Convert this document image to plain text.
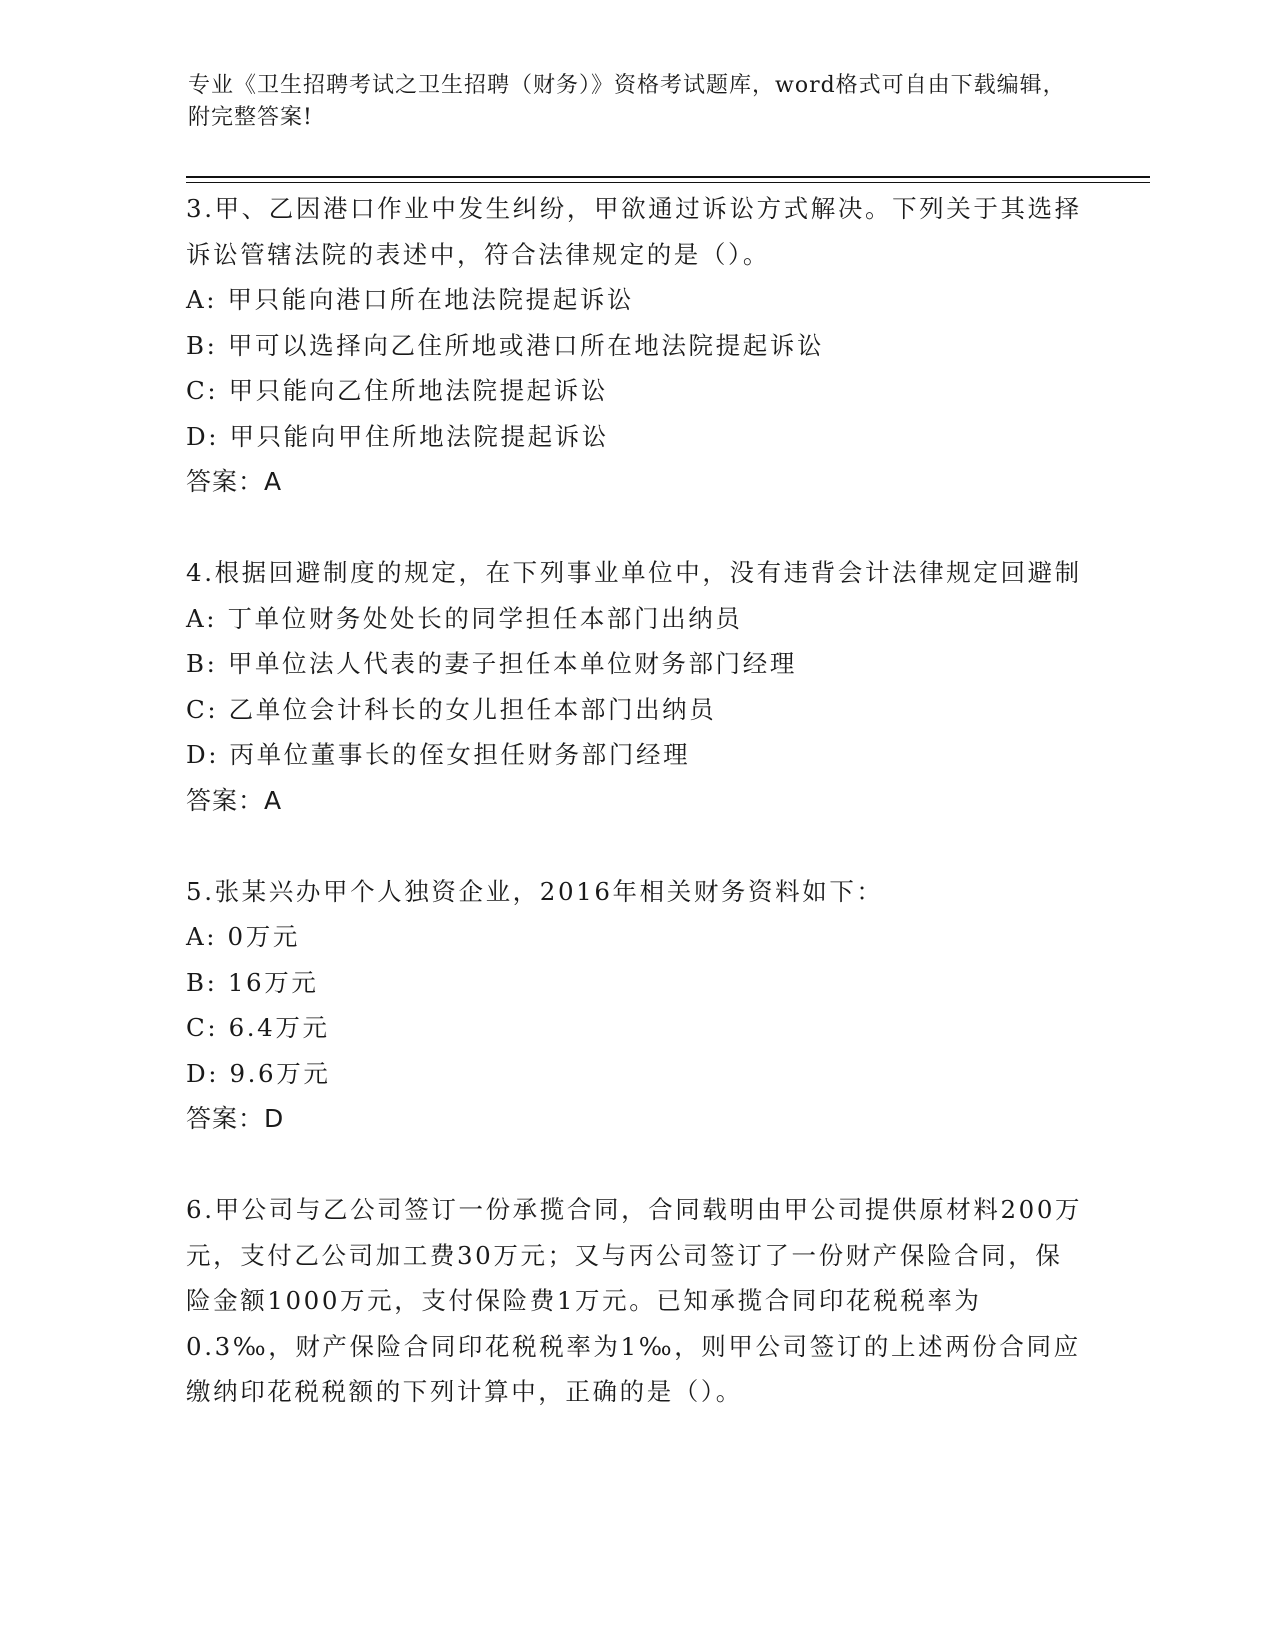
专业《卫生招聘考试之卫生招聘（财务）》资格考试题库，word格式可自由下载编辑，附完整答案!
3.甲、乙因港口作业中发生纠纷，甲欲通过诉讼方式解决。下列关于其选择诉讼管辖法院的表述中，符合法律规定的是（）。
A: 甲只能向港口所在地法院提起诉讼
B: 甲可以选择向乙住所地或港口所在地法院提起诉讼
C: 甲只能向乙住所地法院提起诉讼
D: 甲只能向甲住所地法院提起诉讼
答案：A
4.根据回避制度的规定，在下列事业单位中，没有违背会计法律规定回避制
A: 丁单位财务处处长的同学担任本部门出纳员
B: 甲单位法人代表的妻子担任本单位财务部门经理
C: 乙单位会计科长的女儿担任本部门出纳员
D: 丙单位董事长的侄女担任财务部门经理
答案：A
5.张某兴办甲个人独资企业，2016年相关财务资料如下：
A: 0万元
B: 16万元
C: 6.4万元
D: 9.6万元
答案：D
6.甲公司与乙公司签订一份承揽合同，合同载明由甲公司提供原材料200万元，支付乙公司加工费30万元；又与丙公司签订了一份财产保险合同，保险金额1000万元，支付保险费1万元。已知承揽合同印花税税率为0.3‰，财产保险合同印花税税率为1‰，则甲公司签订的上述两份合同应缴纳印花税税额的下列计算中，正确的是（）。
